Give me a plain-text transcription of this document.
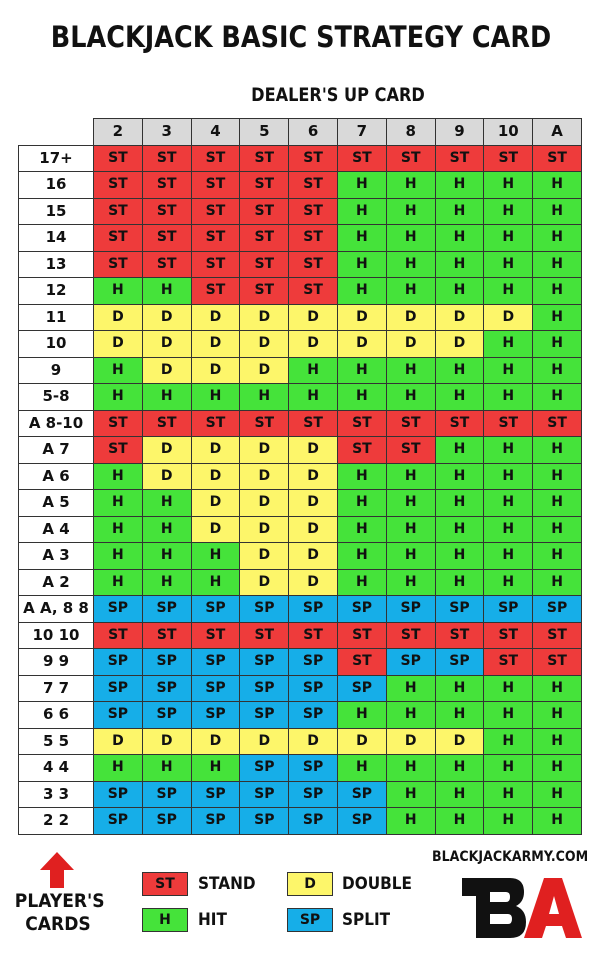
BLACKJACK BASIC STRATEGY CARD
DEALER'S UP CARD
	2	3	4	5	6	7	8	9	10	A
17+	ST	ST	ST	ST	ST	ST	ST	ST	ST	ST
16	ST	ST	ST	ST	ST	H	H	H	H	H
15	ST	ST	ST	ST	ST	H	H	H	H	H
14	ST	ST	ST	ST	ST	H	H	H	H	H
13	ST	ST	ST	ST	ST	H	H	H	H	H
12	H	H	ST	ST	ST	H	H	H	H	H
11	D	D	D	D	D	D	D	D	D	H
10	D	D	D	D	D	D	D	D	H	H
9	H	D	D	D	H	H	H	H	H	H
5-8	H	H	H	H	H	H	H	H	H	H
A 8-10	ST	ST	ST	ST	ST	ST	ST	ST	ST	ST
A 7	ST	D	D	D	D	ST	ST	H	H	H
A 6	H	D	D	D	D	H	H	H	H	H
A 5	H	H	D	D	D	H	H	H	H	H
A 4	H	H	D	D	D	H	H	H	H	H
A 3	H	H	H	D	D	H	H	H	H	H
A 2	H	H	H	D	D	H	H	H	H	H
A A, 8 8	SP	SP	SP	SP	SP	SP	SP	SP	SP	SP
10 10	ST	ST	ST	ST	ST	ST	ST	ST	ST	ST
9 9	SP	SP	SP	SP	SP	ST	SP	SP	ST	ST
7 7	SP	SP	SP	SP	SP	SP	H	H	H	H
6 6	SP	SP	SP	SP	SP	H	H	H	H	H
5 5	D	D	D	D	D	D	D	D	H	H
4 4	H	H	H	SP	SP	H	H	H	H	H
3 3	SP	SP	SP	SP	SP	SP	H	H	H	H
2 2	SP	SP	SP	SP	SP	SP	H	H	H	H
BLACKJACKARMY.COM
PLAYER'S
CARDS
ST	STAND
H	HIT
D	DOUBLE
SP	SPLIT
BA
